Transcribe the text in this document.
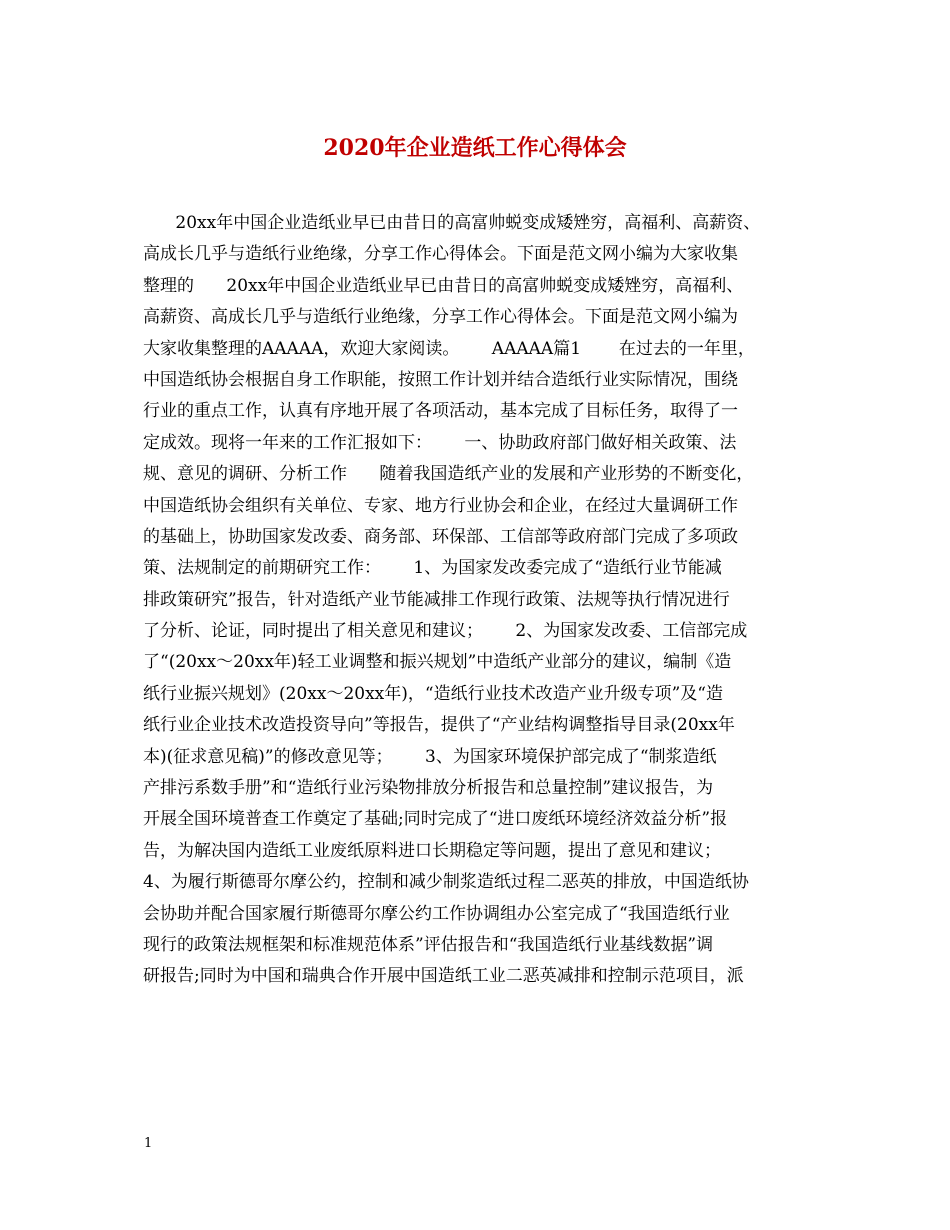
2020年企业造纸工作心得体会
20xx年中国企业造纸业早已由昔日的高富帅蜕变成矮矬穷，高福利、高薪资、
高成长几乎与造纸行业绝缘，分享工作心得体会。下面是范文网小编为大家收集
整理的      20xx年中国企业造纸业早已由昔日的高富帅蜕变成矮矬穷，高福利、
高薪资、高成长几乎与造纸行业绝缘，分享工作心得体会。下面是范文网小编为
大家收集整理的AAAAA，欢迎大家阅读。      AAAAA篇1       在过去的一年里，
中国造纸协会根据自身工作职能，按照工作计划并结合造纸行业实际情况，围绕
行业的重点工作，认真有序地开展了各项活动，基本完成了目标任务，取得了一
定成效。现将一年来的工作汇报如下：      一、协助政府部门做好相关政策、法
规、意见的调研、分析工作      随着我国造纸产业的发展和产业形势的不断变化，
中国造纸协会组织有关单位、专家、地方行业协会和企业，在经过大量调研工作
的基础上，协助国家发改委、商务部、环保部、工信部等政府部门完成了多项政
策、法规制定的前期研究工作：      1、为国家发改委完成了“造纸行业节能减
排政策研究”报告，针对造纸产业节能减排工作现行政策、法规等执行情况进行
了分析、论证，同时提出了相关意见和建议；      2、为国家发改委、工信部完成
了“(20xx～20xx年)轻工业调整和振兴规划”中造纸产业部分的建议，编制《造
纸行业振兴规划》(20xx～20xx年)，“造纸行业技术改造产业升级专项”及“造
纸行业企业技术改造投资导向”等报告，提供了“产业结构调整指导目录(20xx年
本)(征求意见稿)”的修改意见等；      3、为国家环境保护部完成了“制浆造纸
产排污系数手册”和“造纸行业污染物排放分析报告和总量控制”建议报告，为
开展全国环境普查工作奠定了基础;同时完成了“进口废纸环境经济效益分析”报
告，为解决国内造纸工业废纸原料进口长期稳定等问题，提出了意见和建议；
4、为履行斯德哥尔摩公约，控制和减少制浆造纸过程二恶英的排放，中国造纸协
会协助并配合国家履行斯德哥尔摩公约工作协调组办公室完成了“我国造纸行业
现行的政策法规框架和标准规范体系”评估报告和“我国造纸行业基线数据”调
研报告;同时为中国和瑞典合作开展中国造纸工业二恶英减排和控制示范项目，派
1
